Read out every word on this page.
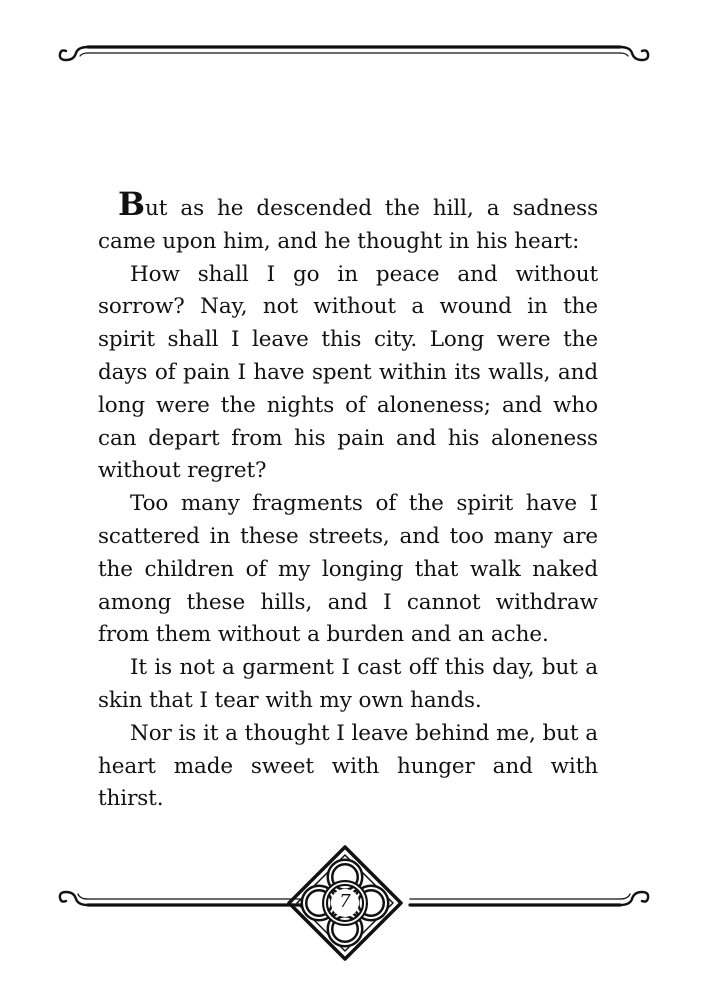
But as he descended the hill, a sadness came upon him, and he thought in his heart:

How shall I go in peace and without sorrow? Nay, not without a wound in the spirit shall I leave this city. Long were the days of pain I have spent within its walls, and long were the nights of aloneness; and who can depart from his pain and his aloneness without regret?

Too many fragments of the spirit have I scattered in these streets, and too many are the children of my longing that walk naked among these hills, and I cannot withdraw from them without a burden and an ache.

It is not a garment I cast off this day, but a skin that I tear with my own hands.

Nor is it a thought I leave behind me, but a heart made sweet with hunger and with thirst.

7
